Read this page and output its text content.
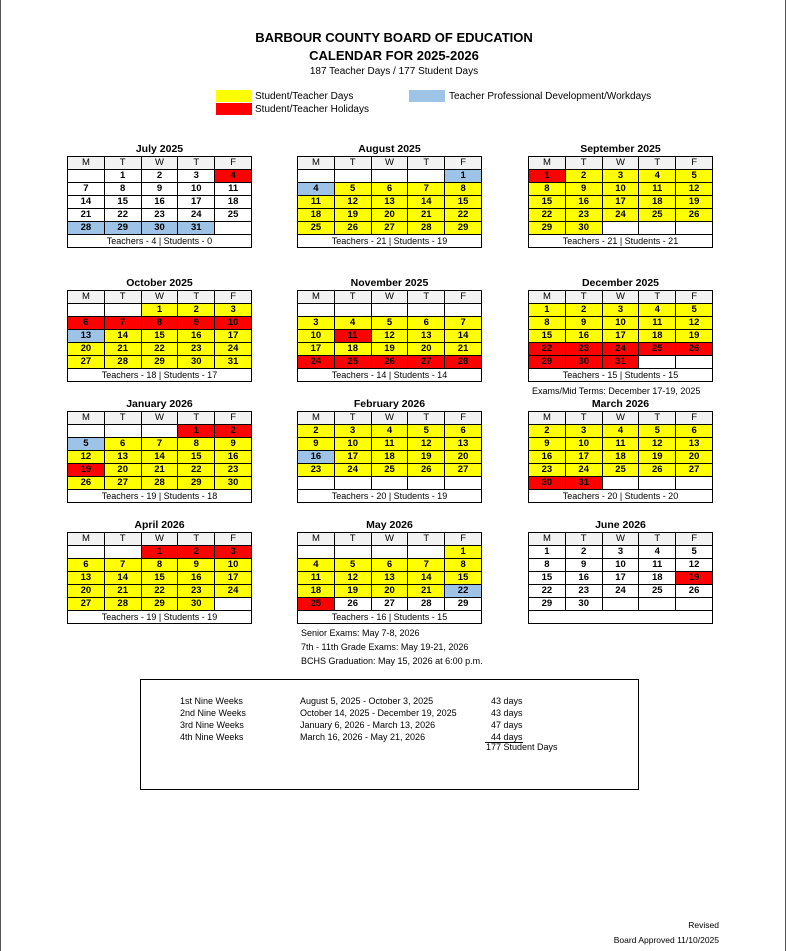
BARBOUR COUNTY BOARD OF EDUCATION
CALENDAR FOR 2025-2026
187 Teacher Days / 177 Student Days
Student/Teacher Days
Student/Teacher Holidays
Teacher Professional Development/Workdays
July 2025
M	T	W	T	F
	1	2	3	4
7	8	9	10	11
14	15	16	17	18
21	22	23	24	25
28	29	30	31	
Teachers - 4 | Students - 0				
August 2025
M	T	W	T	F
				1
4	5	6	7	8
11	12	13	14	15
18	19	20	21	22
25	26	27	28	29
Teachers - 21 | Students - 19				
September 2025
M	T	W	T	F
1	2	3	4	5
8	9	10	11	12
15	16	17	18	19
22	23	24	25	26
29	30			
Teachers - 21 | Students - 21				
October 2025
M	T	W	T	F
		1	2	3
6	7	8	9	10
13	14	15	16	17
20	21	22	23	24
27	28	29	30	31
Teachers - 18 | Students - 17				
November 2025
M	T	W	T	F

3	4	5	6	7
10	11	12	13	14
17	18	19	20	21
24	25	26	27	28
Teachers - 14 | Students - 14				
December 2025
M	T	W	T	F
1	2	3	4	5
8	9	10	11	12
15	16	17	18	19
22	23	24	25	26
29	30	31		
Teachers - 15 | Students - 15				
January 2026
M	T	W	T	F
			1	2
5	6	7	8	9
12	13	14	15	16
19	20	21	22	23
26	27	28	29	30
Teachers - 19 | Students - 18				
February 2026
M	T	W	T	F
2	3	4	5	6
9	10	11	12	13
16	17	18	19	20
23	24	25	26	27

Teachers - 20 | Students - 19				
March 2026
M	T	W	T	F
2	3	4	5	6
9	10	11	12	13
16	17	18	19	20
23	24	25	26	27
30	31			
Teachers - 20 | Students - 20				
April 2026
M	T	W	T	F
		1	2	3
6	7	8	9	10
13	14	15	16	17
20	21	22	23	24
27	28	29	30	
Teachers - 19 | Students - 19				
May 2026
M	T	W	T	F
				1
4	5	6	7	8
11	12	13	14	15
18	19	20	21	22
25	26	27	28	29
Teachers - 16 | Students - 15				
June 2026
M	T	W	T	F
1	2	3	4	5
8	9	10	11	12
15	16	17	18	19
22	23	24	25	26
29	30			

Exams/Mid Terms: December 17-19, 2025
Senior Exams: May 7-8, 2026
7th - 11th Grade Exams: May 19-21, 2026
BCHS Graduation: May 15, 2026 at 6:00 p.m.
1st Nine Weeks	August 5, 2025 - October 3, 2025	43 days
2nd Nine Weeks	October 14, 2025 - December 19, 2025	43 days
3rd Nine Weeks	January 6, 2026 - March 13, 2026	47 days
4th Nine Weeks	March 16, 2026 - May 21, 2026	44 days
177 Student Days
Revised
Board Approved 11/10/2025
